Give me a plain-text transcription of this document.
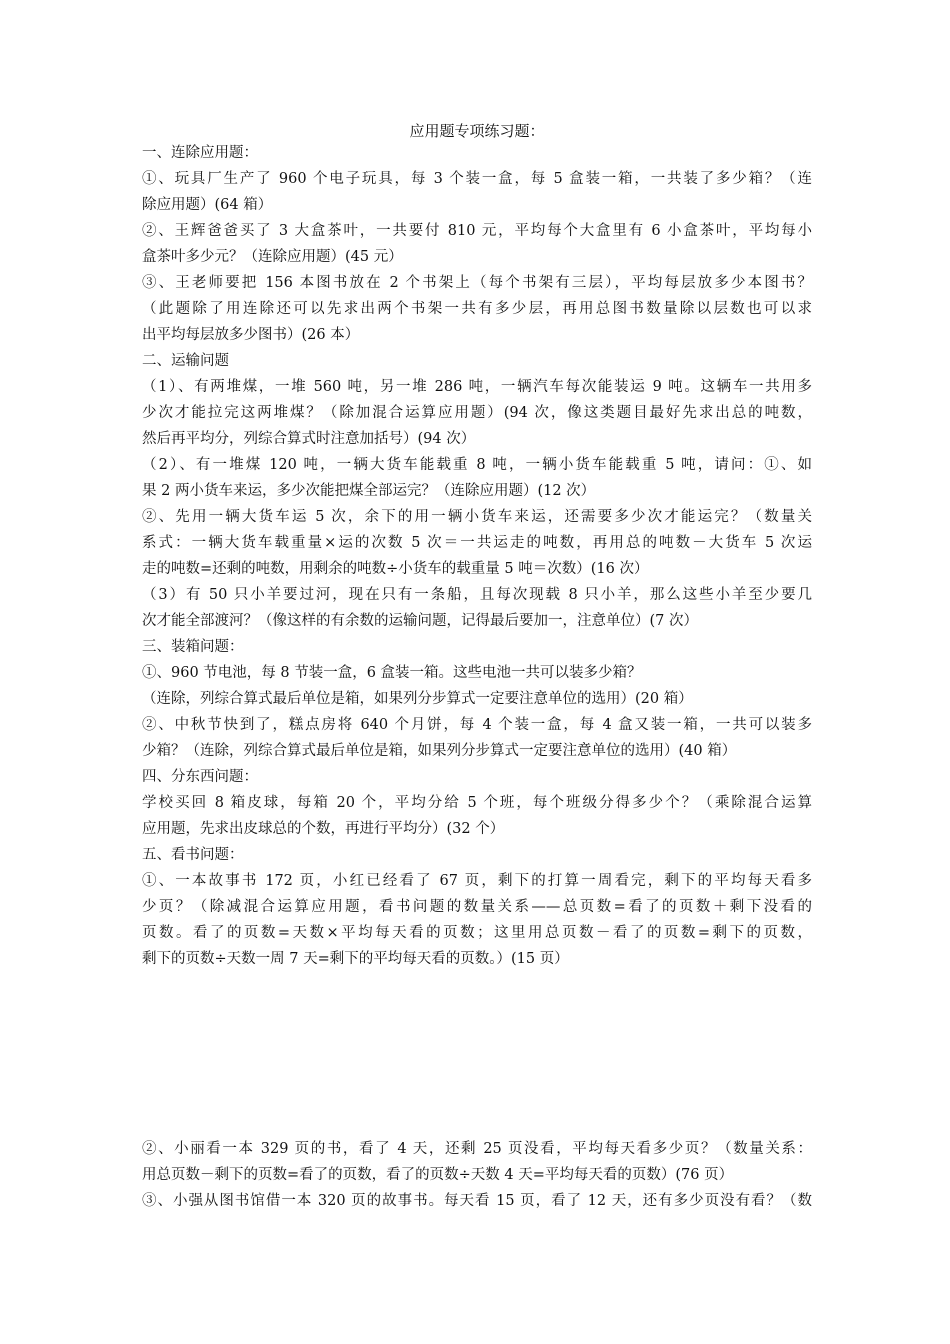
应用题专项练习题：
一、连除应用题：
①、玩具厂生产了 960 个电子玩具，每 3 个装一盒，每 5 盒装一箱，一共装了多少箱？（连
除应用题）(64 箱）
②、王辉爸爸买了 3 大盒茶叶，一共要付 810 元，平均每个大盒里有 6 小盒茶叶，平均每小
盒茶叶多少元？（连除应用题）(45 元）
③、王老师要把 156 本图书放在 2 个书架上（每个书架有三层），平均每层放多少本图书？
（此题除了用连除还可以先求出两个书架一共有多少层，再用总图书数量除以层数也可以求
出平均每层放多少图书）(26 本）
二、运输问题
（1）、有两堆煤，一堆 560 吨，另一堆 286 吨，一辆汽车每次能装运 9 吨。这辆车一共用多
少次才能拉完这两堆煤？（除加混合运算应用题）(94 次，像这类题目最好先求出总的吨数，
然后再平均分，列综合算式时注意加括号）(94 次）
（2）、有一堆煤 120 吨，一辆大货车能载重 8 吨，一辆小货车能载重 5 吨，请问：①、如
果 2 两小货车来运，多少次能把煤全部运完？（连除应用题）(12 次）
②、先用一辆大货车运 5 次，余下的用一辆小货车来运，还需要多少次才能运完？（数量关
系式：一辆大货车载重量×运的次数 5 次＝一共运走的吨数，再用总的吨数－大货车 5 次运
走的吨数=还剩的吨数，用剩余的吨数÷小货车的载重量 5 吨＝次数）(16 次）
（3）有 50 只小羊要过河，现在只有一条船，且每次现载 8 只小羊，那么这些小羊至少要几
次才能全部渡河？（像这样的有余数的运输问题，记得最后要加一，注意单位）(7 次）
三、装箱问题：
①、960 节电池，每 8 节装一盒，6 盒装一箱。这些电池一共可以装多少箱？
（连除，列综合算式最后单位是箱，如果列分步算式一定要注意单位的选用）(20 箱）
②、中秋节快到了，糕点房将 640 个月饼，每 4 个装一盒，每 4 盒又装一箱，一共可以装多
少箱？（连除，列综合算式最后单位是箱，如果列分步算式一定要注意单位的选用）(40 箱）
四、分东西问题：
学校买回 8 箱皮球，每箱 20 个，平均分给 5 个班，每个班级分得多少个？（乘除混合运算
应用题，先求出皮球总的个数，再进行平均分）(32 个）
五、看书问题：
①、一本故事书 172 页，小红已经看了 67 页，剩下的打算一周看完，剩下的平均每天看多
少页？（除减混合运算应用题，看书问题的数量关系——总页数=看了的页数＋剩下没看的
页数。看了的页数=天数×平均每天看的页数；这里用总页数－看了的页数=剩下的页数，
剩下的页数÷天数一周 7 天=剩下的平均每天看的页数。）(15 页）
②、小丽看一本 329 页的书，看了 4 天，还剩 25 页没看，平均每天看多少页？（数量关系：
用总页数－剩下的页数=看了的页数，看了的页数÷天数 4 天=平均每天看的页数）(76 页）
③、小强从图书馆借一本 320 页的故事书。每天看 15 页，看了 12 天，还有多少页没有看？（数
